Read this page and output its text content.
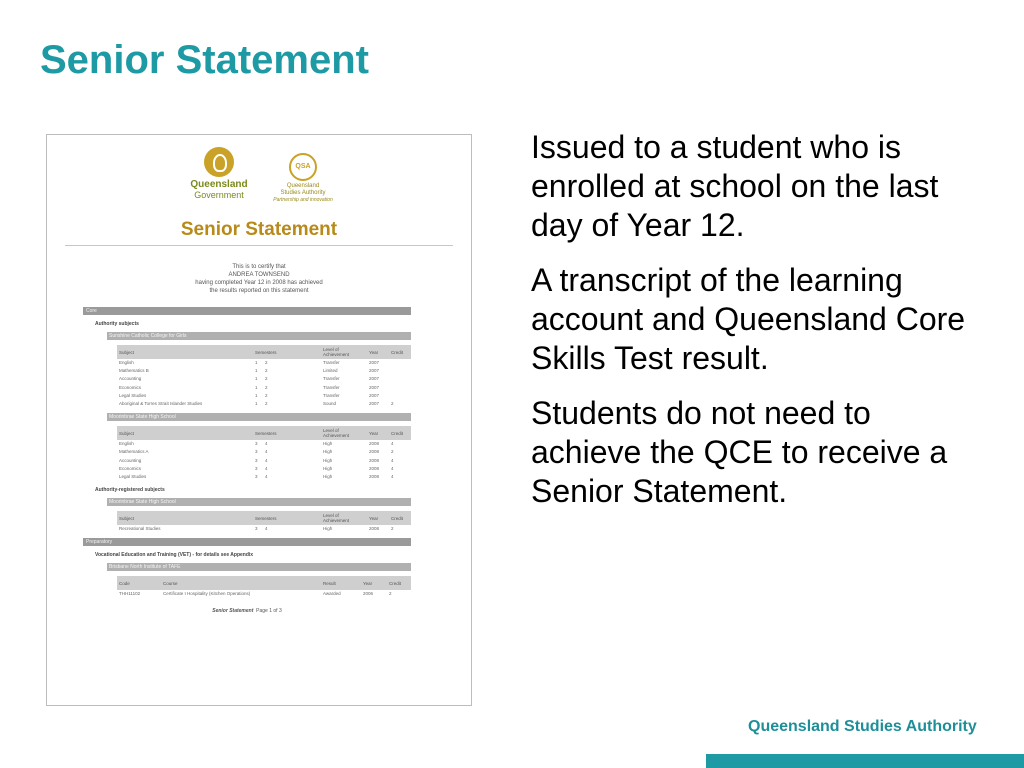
Senior Statement
Queensland
Government
QSA
Queensland
Studies Authority
Partnership and innovation
Senior Statement
This is to certify that
ANDREA TOWNSEND
having completed Year 12 in 2008 has achieved
the results reported on this statement
Core
Authority subjects
Sunshine Catholic College for Girls
Subject	Semesters		Level of Achievement	Year	Credit
English	1	2	Transfer	2007	
Mathematics B	1	2	Limited	2007	
Accounting	1	2	Transfer	2007	
Economics	1	2	Transfer	2007	
Legal Studies	1	2	Transfer	2007	
Aboriginal & Torres Strait Islander Studies	1	2	Sound	2007	2
Moorinbrae State High School
Subject	Semesters		Level of Achievement	Year	Credit
English	3	4	High	2008	4
Mathematics A	3	4	High	2008	2
Accounting	3	4	High	2008	4
Economics	3	4	High	2008	4
Legal Studies	3	4	High	2008	4
Authority-registered subjects
Moorinbrae State High School
Subject	Semesters		Level of Achievement	Year	Credit
Recreational Studies	3	4	High	2008	2
Preparatory
Vocational Education and Training (VET) - for details see Appendix
Brisbane North Institute of TAFE
Code	Course	Result	Year	Credit
THH11102	Certificate I Hospitality (Kitchen Operations)	Awarded	2006	2
Senior Statement Page 1 of 3

Issued to a student who is enrolled at school on the last day of Year 12.

A transcript of the learning account and Queensland Core Skills Test result.

Students do not need to achieve the QCE to receive a Senior Statement.

Queensland Studies Authority
